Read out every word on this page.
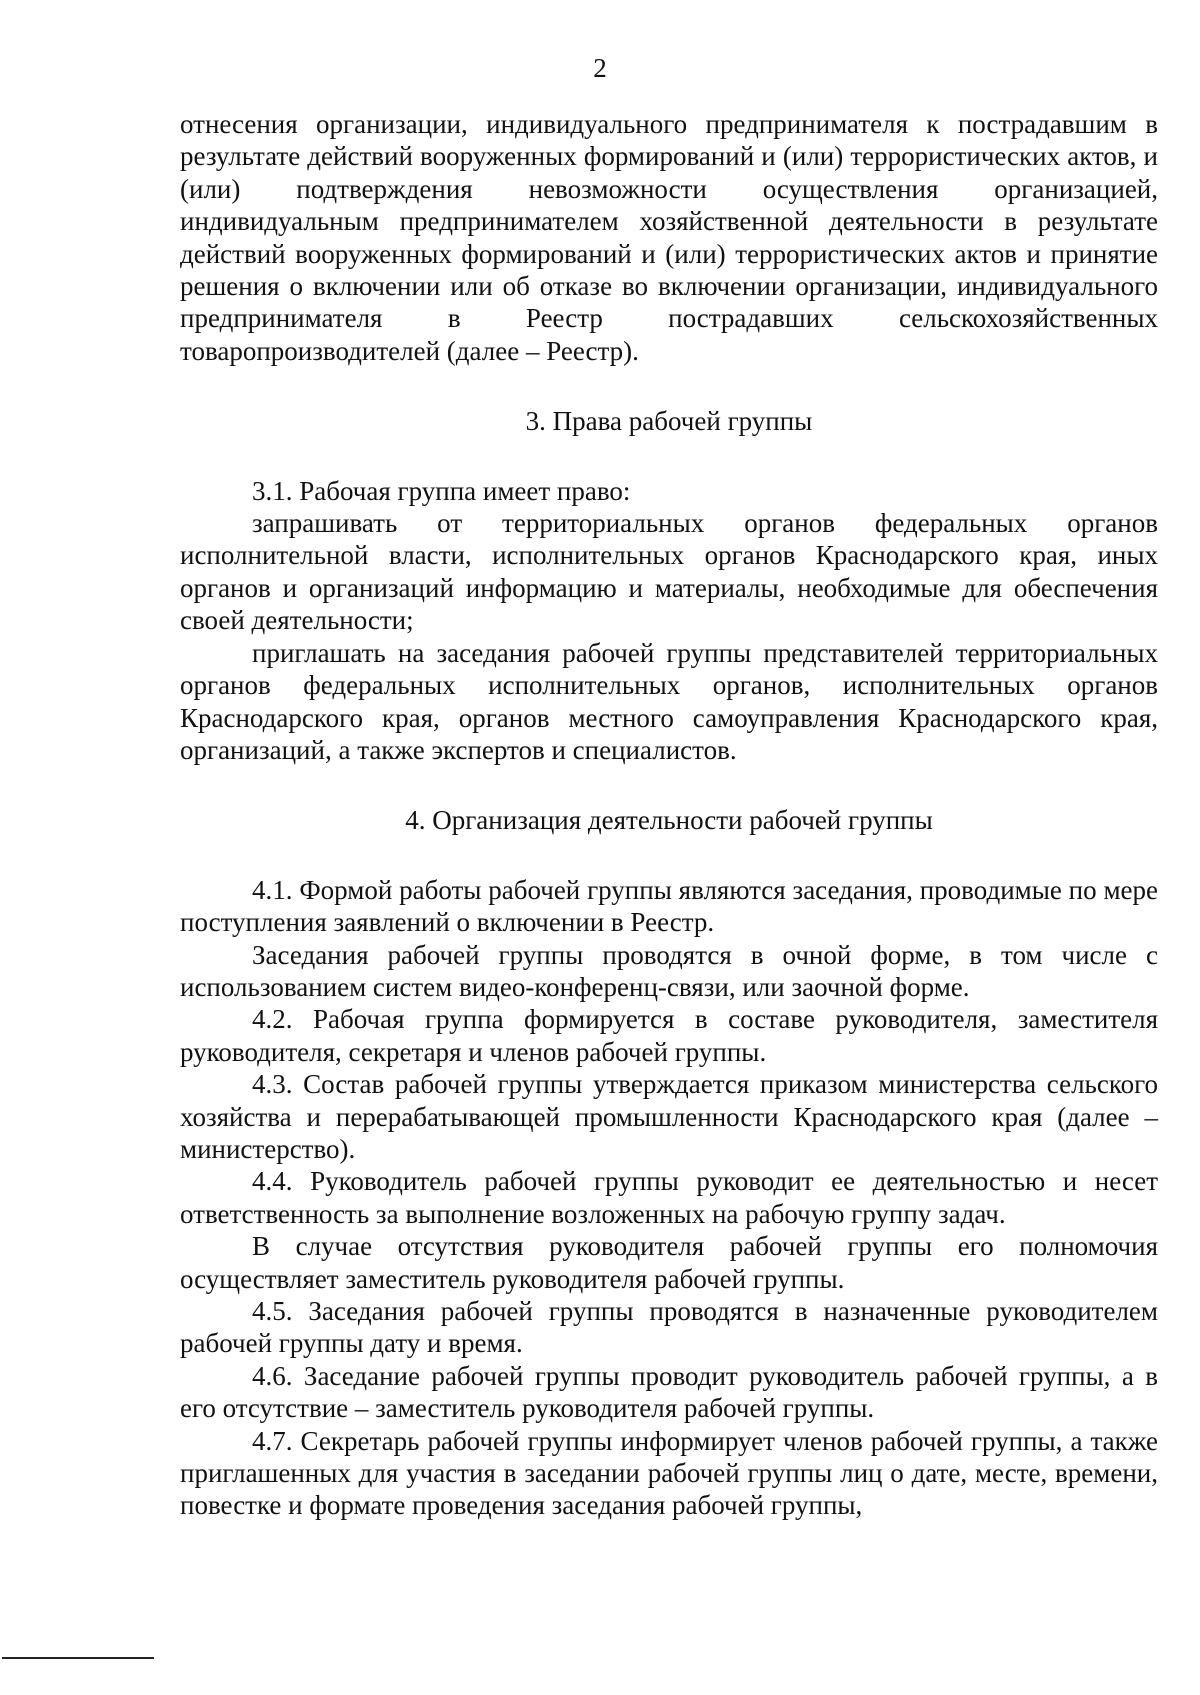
2

отнесения организации, индивидуального предпринимателя к пострадавшим в результате действий вооруженных формирований и (или) террористических актов, и (или) подтверждения невозможности осуществления организацией, индивидуальным предпринимателем хозяйственной деятельности в результате действий вооруженных формирований и (или) террористических актов и принятие решения о включении или об отказе во включении организации, индивидуального предпринимателя в Реестр пострадавших сельскохозяйственных товаропроизводителей (далее – Реестр).

3. Права рабочей группы

3.1. Рабочая группа имеет право:

запрашивать от территориальных органов федеральных органов исполнительной власти, исполнительных органов Краснодарского края, иных органов и организаций информацию и материалы, необходимые для обеспечения своей деятельности;

приглашать на заседания рабочей группы представителей территориальных органов федеральных исполнительных органов, исполнительных органов Краснодарского края, органов местного самоуправления Краснодарского края, организаций, а также экспертов и специалистов.

4. Организация деятельности рабочей группы

4.1. Формой работы рабочей группы являются заседания, проводимые по мере поступления заявлений о включении в Реестр.

Заседания рабочей группы проводятся в очной форме, в том числе с использованием систем видео-конференц-связи, или заочной форме.

4.2. Рабочая группа формируется в составе руководителя, заместителя руководителя, секретаря и членов рабочей группы.

4.3. Состав рабочей группы утверждается приказом министерства сельского хозяйства и перерабатывающей промышленности Краснодарского края (далее – министерство).

4.4. Руководитель рабочей группы руководит ее деятельностью и несет ответственность за выполнение возложенных на рабочую группу задач.

В случае отсутствия руководителя рабочей группы его полномочия осуществляет заместитель руководителя рабочей группы.

4.5. Заседания рабочей группы проводятся в назначенные руководителем рабочей группы дату и время.

4.6. Заседание рабочей группы проводит руководитель рабочей группы, а в его отсутствие – заместитель руководителя рабочей группы.

4.7. Секретарь рабочей группы информирует членов рабочей группы, а также приглашенных для участия в заседании рабочей группы лиц о дате, месте, времени, повестке и формате проведения заседания рабочей группы,
